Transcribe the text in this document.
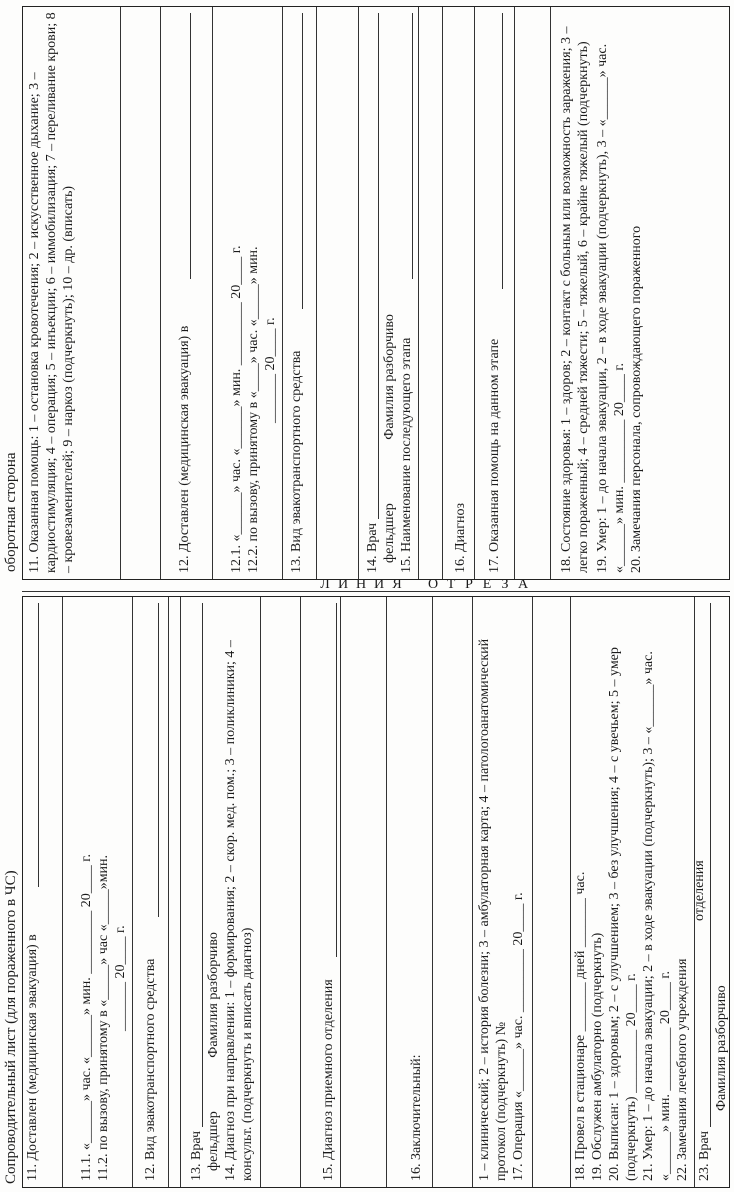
Сопроводительный лист (для пораженного в ЧС) 11. Доставлен (медицинская эвакуация) в	11.1. «______» час. «______» мин. _________ 20____ г. 11.2. по вызову, принятому в «_____» час «_____»мин. _______ 20____ г. 12. Вид эвакотранспортного средства 13. Врач фельдшер Фамилия разборчиво 14. Диагноз при направлении: 1 – формирования; 2 – скор. мед. пом.; 3 – поликлиники; 4 – консульт. (подчеркнуть и вписать диагноз)	15. Диагноз приемного отделения	16. Заключительный:	1 – клинический; 2 – история болезни; 3 – амбулаторная карта; 4 – патологоанатомический протокол (подчеркнуть) № 17. Операция «______» час. _________ 20____ г.	18. Провел в стационаре _______ дней _______ час. 19. Обслужен амбулаторно (подчеркнуть) 20. Выписан: 1 – здоровым; 2 – с улучшением; 3 – без улучшения; 4 – с увечьем; 5 – умер (подчеркнуть) _________ 20____ г. 21. Умер: 1 – до начала эвакуации; 2 – в ходе эвакуации (подчеркнуть); 3 – «______» час. «______» мин. _________ 20____ г. 22. Замечания лечебного учреждения
отделения
23. Врач
Фамилия разборчиво
Л И Н И Я О Т Р Е З А
оборотная сторона 11. Оказанная помощь: 1 – остановка кровотечения; 2 – искусственное дыхание; 3 – кардиостимуляция; 4 – операция; 5 – инъекции; 6 – иммобилизация; 7 – переливание крови; 8 – кровезаменителей; 9 – наркоз (подчеркнуть); 10 – др. (вписать)	12. Доставлен (медицинская эвакуация) в	12.1. «______» час. «______» мин. _________ 20____ г. 12.2. по вызову, принятому в «____» час. «_____» мин. _______ 20____ г. 13. Вид эвакотранспортного средства	14. Врач фельдшер Фамилия разборчиво 15. Наименование последующего этапа	16. Диагноз 17. Оказанная помощь на данном этапе	18. Состояние здоровья: 1 – здоров; 2 – контакт с больным или возможность заражения; 3 – легко пораженный; 4 – средней тяжести; 5 – тяжелый, 6 – крайне тяжелый (подчеркнуть) 19. Умер: 1 – до начала эвакуации, 2 – в ходе эвакуации (подчеркнуть), 3 – «______» час. «______» мин. _________ 20____ г. 20. Замечания персонала, сопровождающего пораженного
